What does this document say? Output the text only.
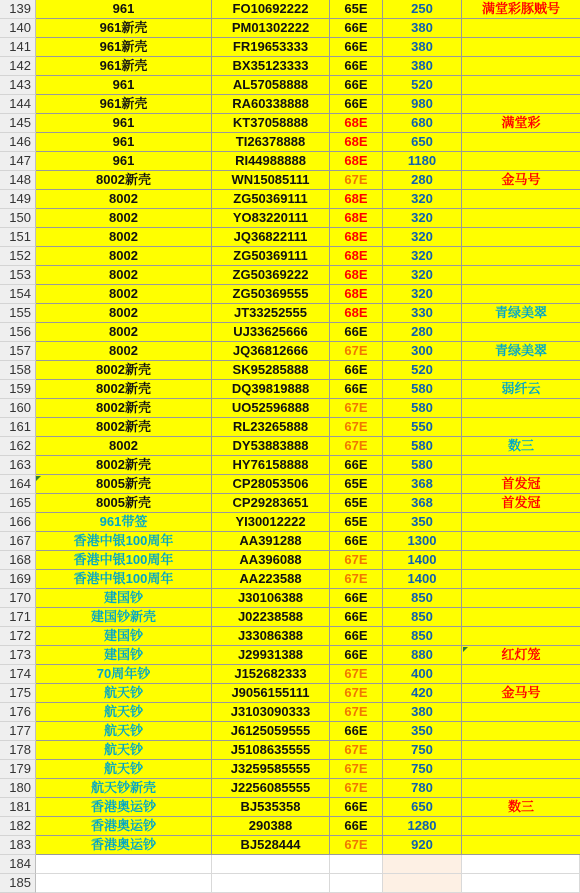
139	961	FO10692222	65E	250	满堂彩豚贼号
140	961新壳	PM01302222	66E	380
141	961新壳	FR19653333	66E	380
142	961新壳	BX35123333	66E	380
143	961	AL57058888	66E	520
144	961新壳	RA60338888	66E	980
145	961	KT37058888	68E	680	满堂彩
146	961	TI26378888	68E	650
147	961	RI44988888	68E	1180
148	8002新壳	WN15085111	67E	280	金马号
149	8002	ZG50369111	68E	320
150	8002	YO83220111	68E	320
151	8002	JQ36822111	68E	320
152	8002	ZG50369111	68E	320
153	8002	ZG50369222	68E	320
154	8002	ZG50369555	68E	320
155	8002	JT33252555	68E	330	青绿美翠
156	8002	UJ33625666	66E	280
157	8002	JQ36812666	67E	300	青绿美翠
158	8002新壳	SK95285888	66E	520
159	8002新壳	DQ39819888	66E	580	弱纤云
160	8002新壳	UO52596888	67E	580
161	8002新壳	RL23265888	67E	550
162	8002	DY53883888	67E	580	数三
163	8002新壳	HY76158888	66E	580
164	8005新壳	CP28053506	65E	368	首发冠
165	8005新壳	CP29283651	65E	368	首发冠
166	961带签	YI30012222	65E	350
167	香港中银100周年	AA391288	66E	1300
168	香港中银100周年	AA396088	67E	1400
169	香港中银100周年	AA223588	67E	1400
170	建国钞	J30106388	66E	850
171	建国钞新壳	J02238588	66E	850
172	建国钞	J33086388	66E	850
173	建国钞	J29931388	66E	880	红灯笼
174	70周年钞	J152682333	67E	400
175	航天钞	J9056155111	67E	420	金马号
176	航天钞	J3103090333	67E	380
177	航天钞	J6125059555	66E	350
178	航天钞	J5108635555	67E	750
179	航天钞	J3259585555	67E	750
180	航天钞新壳	J2256085555	67E	780
181	香港奥运钞	BJ535358	66E	650	数三
182	香港奥运钞	290388	66E	1280
183	香港奥运钞	BJ528444	67E	920
184
185
